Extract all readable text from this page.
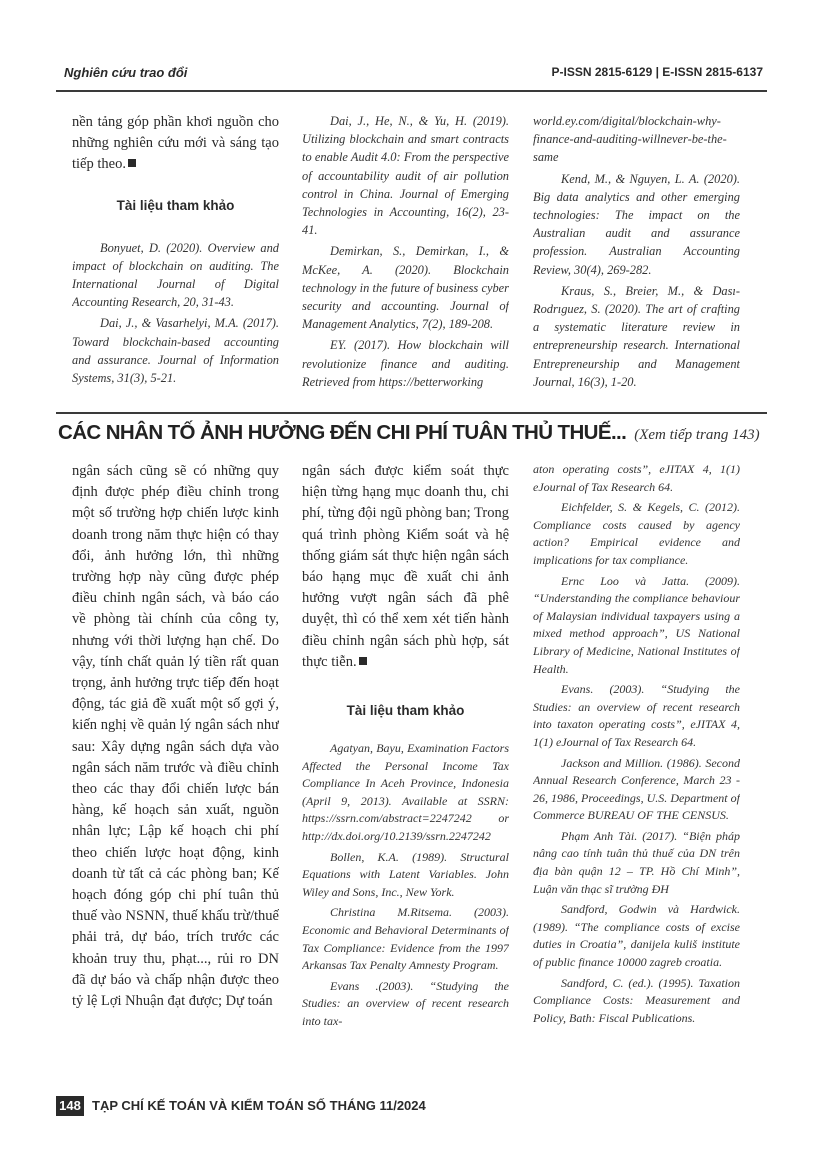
Nghiên cứu trao đổi	P-ISSN 2815-6129 | E-ISSN 2815-6137

nền tảng góp phần khơi nguồn cho những nghiên cứu mới và sáng tạo tiếp theo.

Tài liệu tham khảo

Bonyuet, D. (2020). Overview and impact of blockchain on auditing. The International Journal of Digital Accounting Research, 20, 31-43.

Dai, J., & Vasarhelyi, M.A. (2017). Toward blockchain-based accounting and assurance. Journal of Information Systems, 31(3), 5-21.

Dai, J., He, N., & Yu, H. (2019). Utilizing blockchain and smart contracts to enable Audit 4.0: From the perspective of accountability audit of air pollution control in China. Journal of Emerging Technologies in Accounting, 16(2), 23-41.

Demirkan, S., Demirkan, I., & McKee, A. (2020). Blockchain technology in the future of business cyber security and accounting. Journal of Management Analytics, 7(2), 189-208.

EY. (2017). How blockchain will revolutionize finance and auditing. Retrieved from https://betterworking

world.ey.com/digital/blockchain-why-finance-and-auditing-willnever-be-the-same

Kend, M., & Nguyen, L. A. (2020). Big data analytics and other emerging technologies: The impact on the Australian audit and assurance profession. Australian Accounting Review, 30(4), 269-282.

Kraus, S., Breier, M., & Dası-Rodrıguez, S. (2020). The art of crafting a systematic literature review in entrepreneurship research. International Entrepreneurship and Management Journal, 16(3), 1-20.

CÁC NHÂN TỐ ẢNH HƯỞNG ĐẾN CHI PHÍ TUÂN THỦ THUẾ... (Xem tiếp trang 143)

ngân sách cũng sẽ có những quy định được phép điều chỉnh trong một số trường hợp chiến lược kinh doanh trong năm thực hiện có thay đổi, ảnh hưởng lớn, thì những trường hợp này cũng được phép điều chỉnh ngân sách, và báo cáo về phòng tài chính của công ty, nhưng với thời lượng hạn chế. Do vậy, tính chất quản lý tiền rất quan trọng, ảnh hưởng trực tiếp đến hoạt động, tác giả đề xuất một số gợi ý, kiến nghị về quản lý ngân sách như sau: Xây dựng ngân sách dựa vào ngân sách năm trước và điều chỉnh theo các thay đổi chiến lược bán hàng, kế hoạch sản xuất, nguồn nhân lực; Lập kế hoạch chi phí theo chiến lược hoạt động, kinh doanh từ tất cả các phòng ban; Kế hoạch đóng góp chi phí tuân thủ thuế vào NSNN, thuế khấu trừ/thuế phải trả, dự báo, trích trước các khoản truy thu, phạt..., rủi ro DN đã dự báo và chấp nhận được theo tỷ lệ Lợi Nhuận đạt được; Dự toán

ngân sách được kiểm soát thực hiện từng hạng mục doanh thu, chi phí, từng đội ngũ phòng ban; Trong quá trình phòng Kiểm soát và hệ thống giám sát thực hiện ngân sách báo hạng mục đề xuất chi ảnh hưởng vượt ngân sách đã phê duyệt, thì có thể xem xét tiến hành điều chỉnh ngân sách phù hợp, sát thực tiễn.

Tài liệu tham khảo

Agatyan, Bayu, Examination Factors Affected the Personal Income Tax Compliance In Aceh Province, Indonesia (April 9, 2013). Available at SSRN: https://ssrn.com/abstract=2247242 or http://dx.doi.org/10.2139/ssrn.2247242

Bollen, K.A. (1989). Structural Equations with Latent Variables. John Wiley and Sons, Inc., New York.

Christina M.Ritsema. (2003). Economic and Behavioral Determinants of Tax Compliance: Evidence from the 1997 Arkansas Tax Penalty Amnesty Program.

Evans .(2003). “Studying the Studies: an overview of recent research into tax-

aton operating costs”, eJITAX 4, 1(1) eJournal of Tax Research 64.

Eichfelder, S. & Kegels, C. (2012). Compliance costs caused by agency action? Empirical evidence and implications for tax compliance.

Ernc Loo và Jatta. (2009). “Understanding the compliance behaviour of Malaysian individual taxpayers using a mixed method approach”, US National Library of Medicine, National Institutes of Health.

Evans. (2003). “Studying the Studies: an overview of recent research into taxaton operating costs”, eJITAX 4, 1(1) eJournal of Tax Research 64.

Jackson and Million. (1986). Second Annual Research Conference, March 23 - 26, 1986, Proceedings, U.S. Department of Commerce BUREAU OF THE CENSUS.

Phạm Anh Tài. (2017). “Biện pháp nâng cao tính tuân thủ thuế của DN trên địa bàn quận 12 – TP. Hồ Chí Minh”, Luận văn thạc sĩ trường ĐH

Sandford, Godwin và Hardwick. (1989). “The compliance costs of excise duties in Croatia”, danijela kuliš institute of public finance 10000 zagreb croatia.

Sandford, C. (ed.). (1995). Taxation Compliance Costs: Measurement and Policy, Bath: Fiscal Publications.

148 TẠP CHÍ KẾ TOÁN VÀ KIỂM TOÁN SỐ THÁNG 11/2024
